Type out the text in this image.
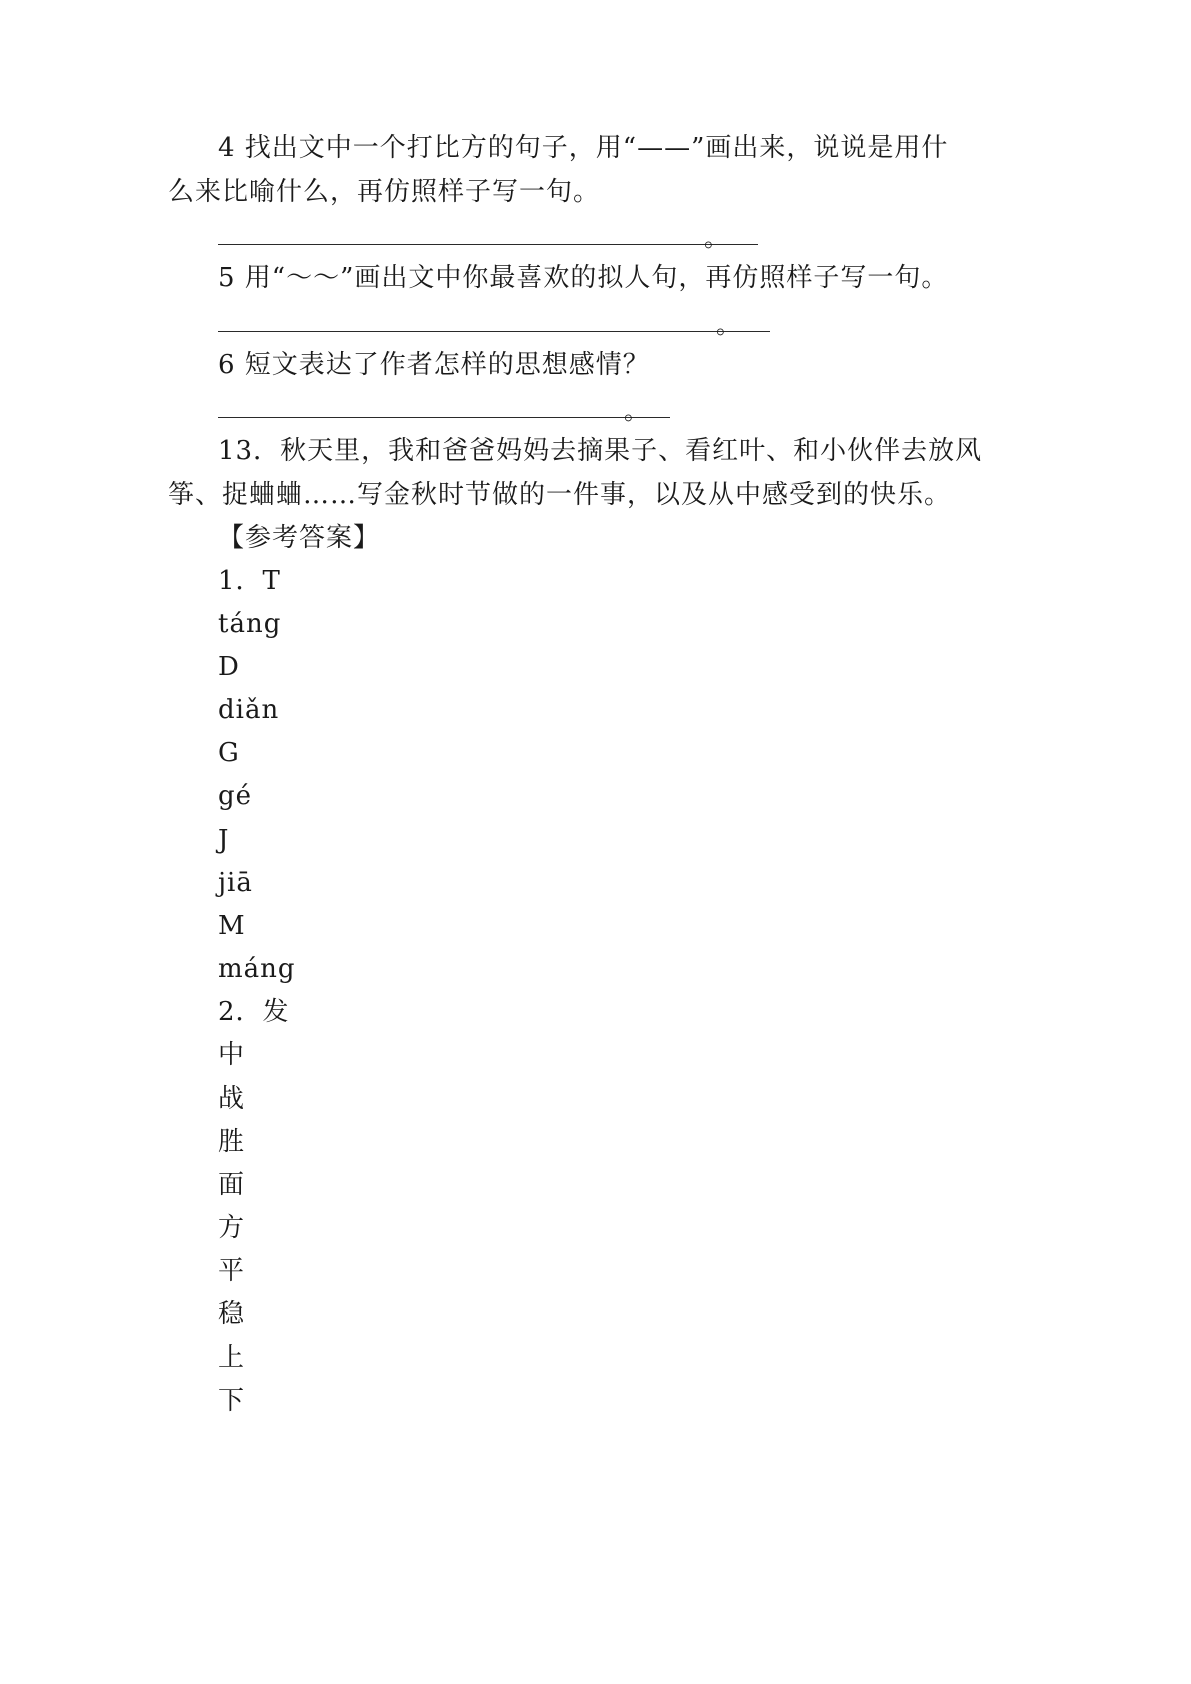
4 找出文中一个打比方的句子，用“——”画出来，说说是用什
么来比喻什么，再仿照样子写一句。
。
5 用“～～”画出文中你最喜欢的拟人句，再仿照样子写一句。
。
6 短文表达了作者怎样的思想感情？
。
13．秋天里，我和爸爸妈妈去摘果子、看红叶、和小伙伴去放风
筝、捉蛐蛐……写金秋时节做的一件事，以及从中感受到的快乐。
【参考答案】
1．T
táng
D
diǎn
G
gé
J
jiā
M
máng
2．发
中
战
胜
面
方
平
稳
上
下
